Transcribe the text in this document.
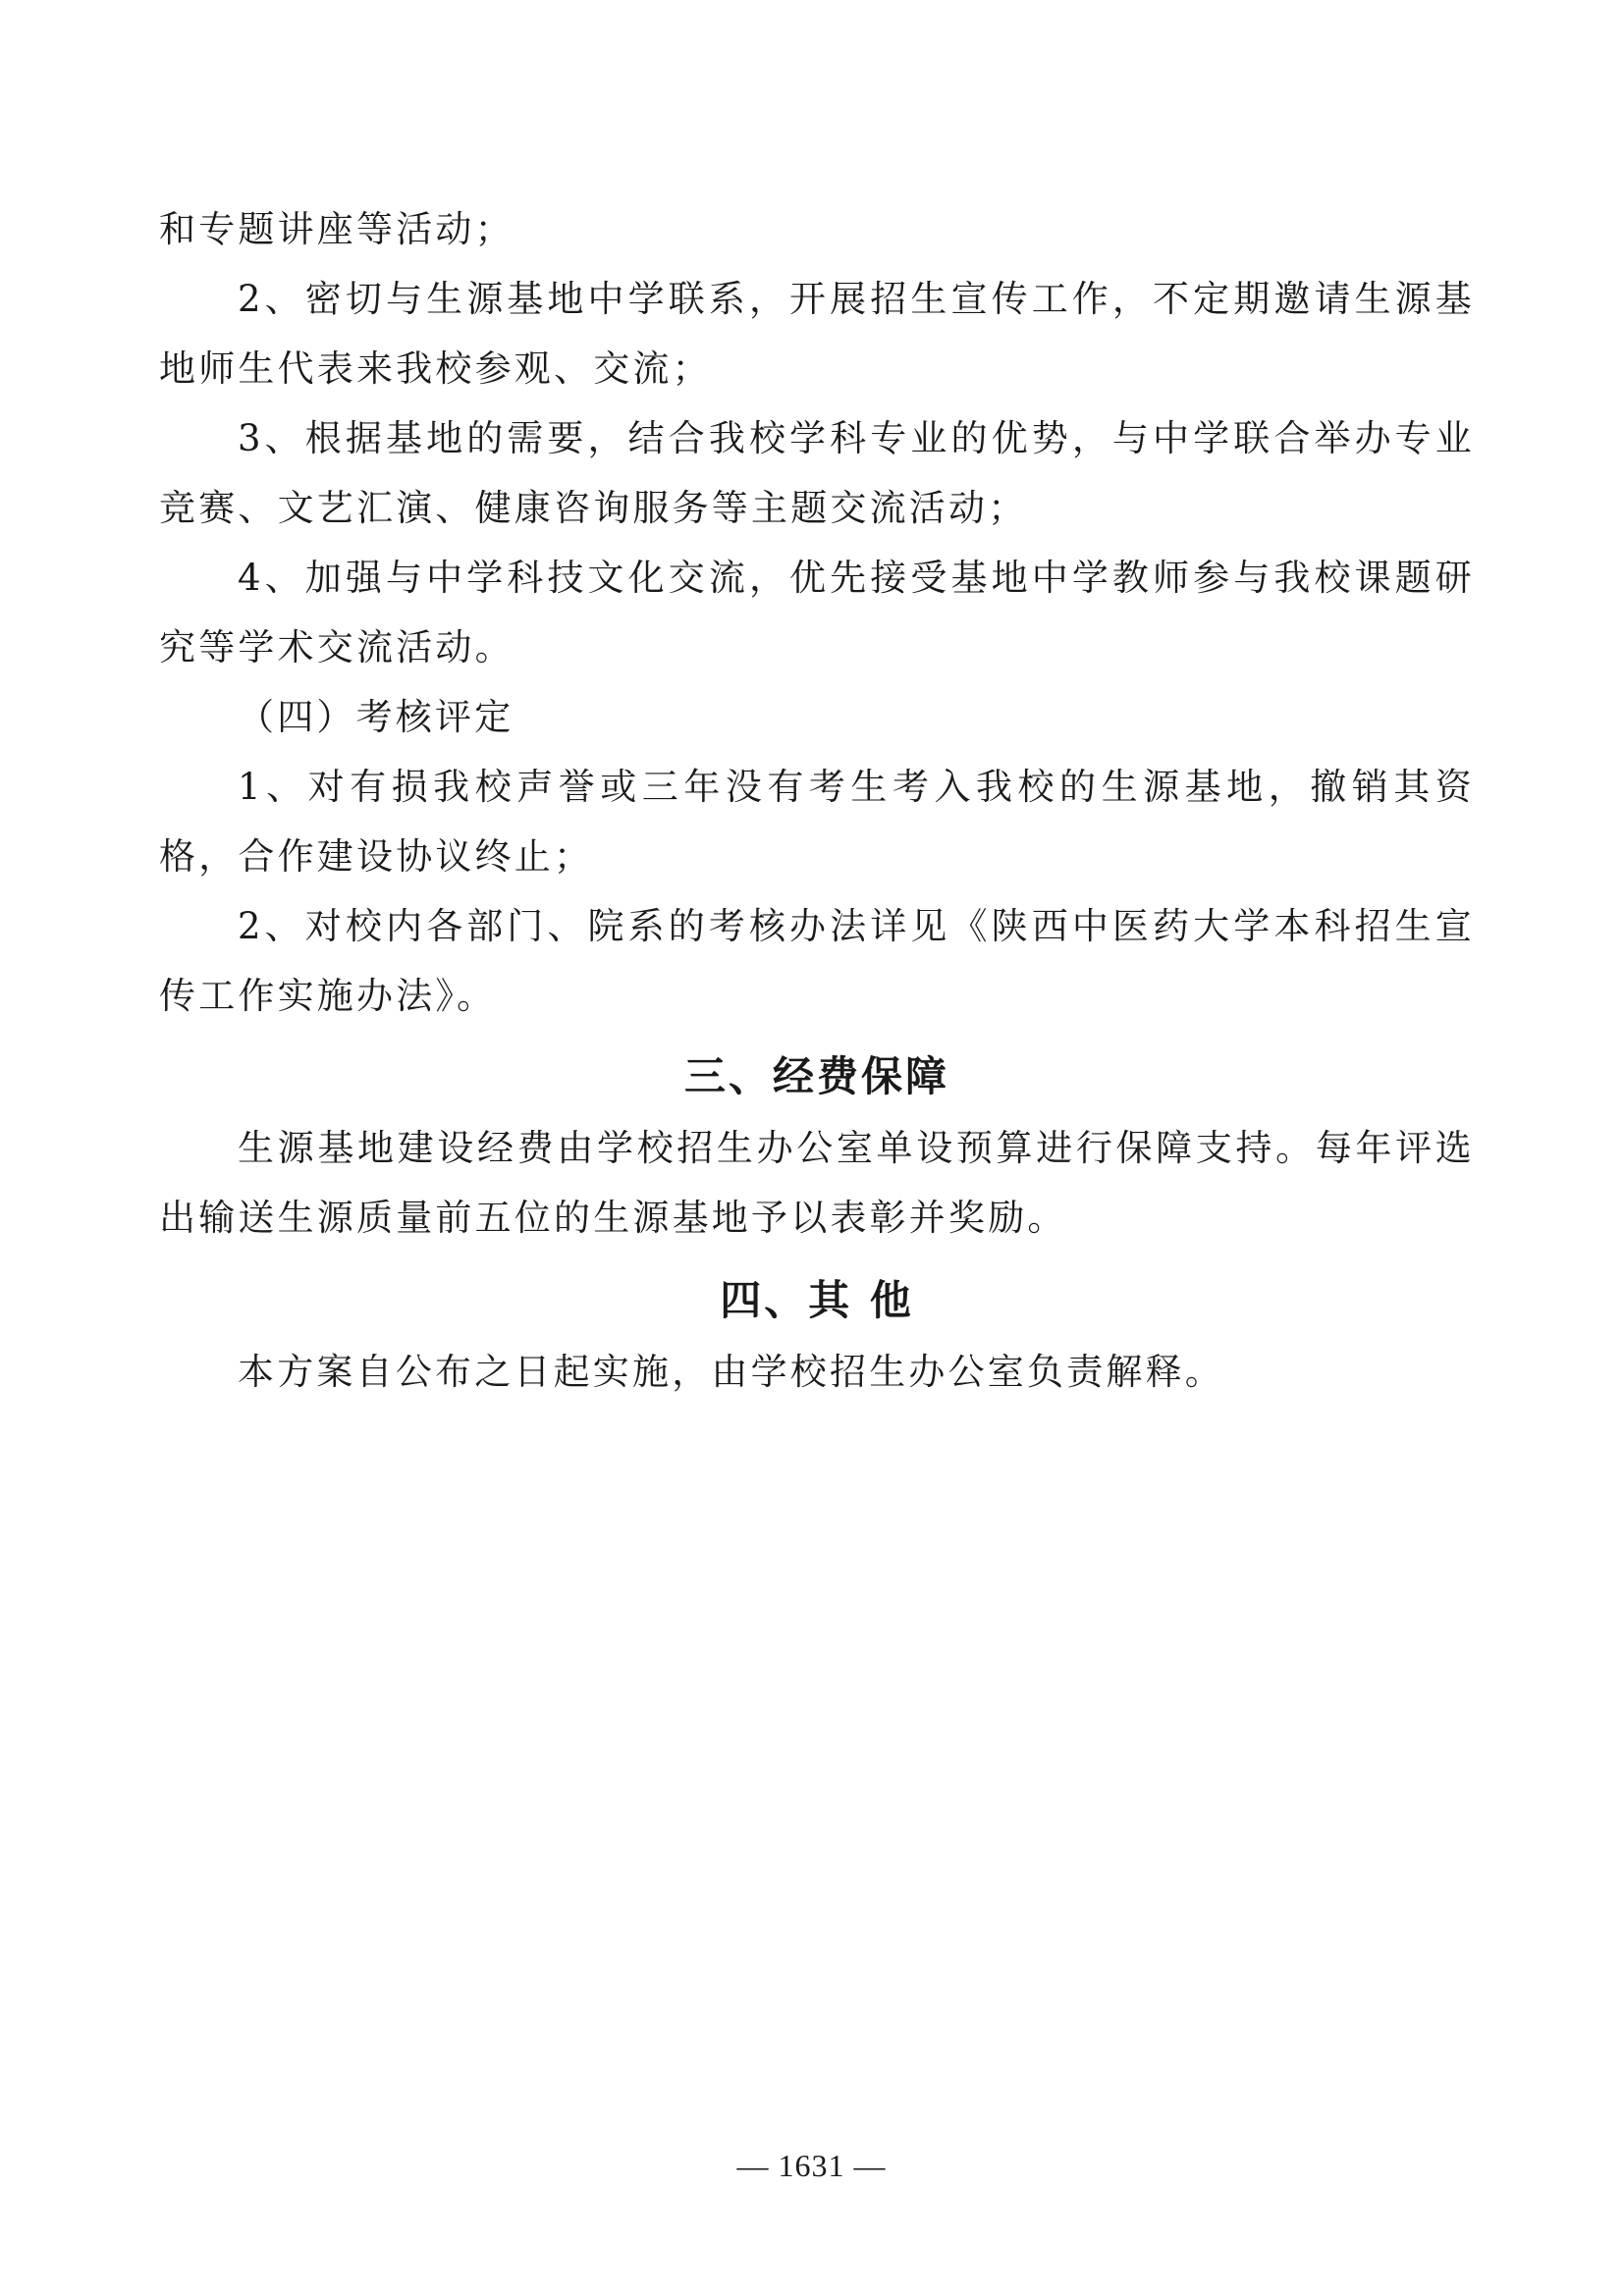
和专题讲座等活动；

2、密切与生源基地中学联系，开展招生宣传工作，不定期邀请生源基地师生代表来我校参观、交流；

3、根据基地的需要，结合我校学科专业的优势，与中学联合举办专业竞赛、文艺汇演、健康咨询服务等主题交流活动；

4、加强与中学科技文化交流，优先接受基地中学教师参与我校课题研究等学术交流活动。

（四）考核评定

1、对有损我校声誉或三年没有考生考入我校的生源基地，撤销其资格，合作建设协议终止；

2、对校内各部门、院系的考核办法详见《陕西中医药大学本科招生宣传工作实施办法》。

三、经费保障

生源基地建设经费由学校招生办公室单设预算进行保障支持。每年评选出输送生源质量前五位的生源基地予以表彰并奖励。

四、其 他

本方案自公布之日起实施，由学校招生办公室负责解释。

— 1631 —
